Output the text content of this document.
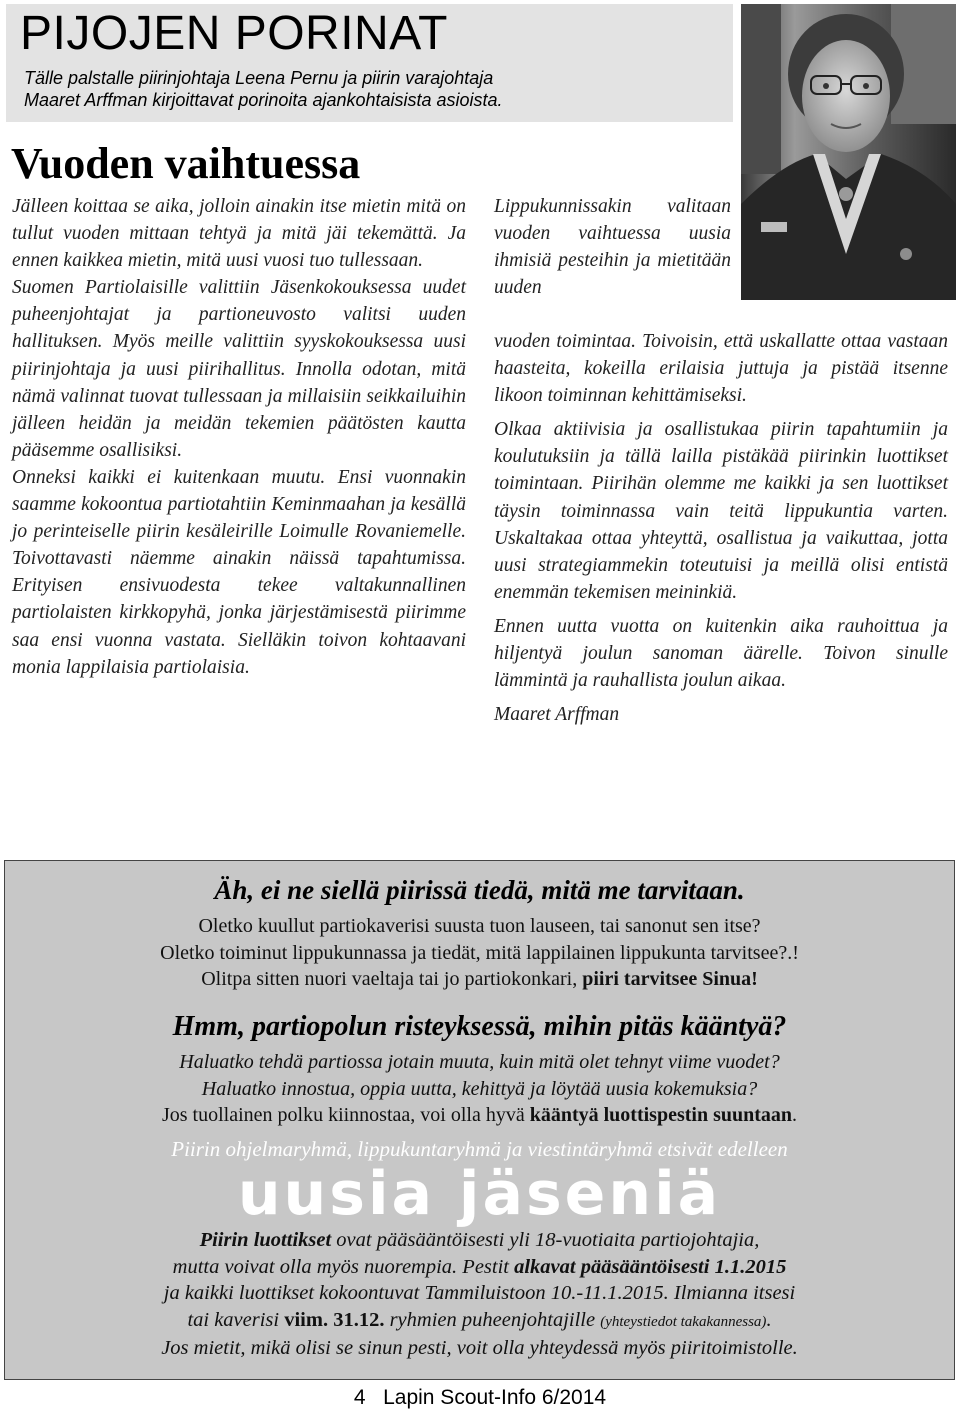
PIJOJEN PORINAT
Tälle palstalle piirinjohtaja Leena Pernu ja piirin varajohtaja
Maaret Arffman kirjoittavat porinoita ajankohtaisista asioista.
Vuoden vaihtuessa

Jälleen koittaa se aika, jolloin ainakin itse mietin mitä on tullut vuoden mittaan tehtyä ja mitä jäi tekemättä. Ja ennen kaikkea mietin, mitä uusi vuosi tuo tullessaan.

Suomen Partiolaisille valittiin Jäsenkokouksessa uudet puheenjohtajat ja partioneuvosto valitsi uuden hallituksen. Myös meille valittiin syyskokouksessa uusi piirinjohtaja ja uusi piirihallitus. Innolla odotan, mitä nämä valinnat tuovat tullessaan ja millaisiin seikkailuihin jälleen heidän ja meidän tekemien päätösten kautta pääsemme osallisiksi.

Onneksi kaikki ei kuitenkaan muutu. Ensi vuonnakin saamme kokoontua partiotahtiin Keminmaahan ja kesällä jo perinteiselle piirin kesäleirille Loimulle Rovaniemelle. Toivottavasti näemme ainakin näissä tapahtumissa. Erityisen ensivuodesta tekee valtakunnallinen partiolaisten kirkkopyhä, jonka järjestämisestä piirimme saa ensi vuonna vastata. Sielläkin toivon kohtaavani monia lappilaisia partiolaisia.

Lippukunnissakin valitaan vuoden vaihtuessa uusia ihmisiä pesteihin ja mietitään uuden

vuoden toimintaa. Toivoisin, että uskallatte ottaa vastaan haasteita, kokeilla erilaisia juttuja ja pistää itsenne likoon toiminnan kehittämiseksi.

Olkaa aktiivisia ja osallistukaa piirin tapahtumiin ja koulutuksiin ja tällä lailla pistäkää piirinkin luottikset toimintaan. Piirihän olemme me kaikki ja sen luottikset täysin toiminnassa vain teitä lippukuntia varten. Uskaltakaa ottaa yhteyttä, osallistua ja vaikuttaa, jotta uusi strategiammekin toteutuisi ja meillä olisi entistä enemmän tekemisen meininkiä.

Ennen uutta vuotta on kuitenkin aika rauhoittua ja hiljentyä joulun sanoman äärelle. Toivon sinulle lämmintä ja rauhallista joulun aikaa.

Maaret Arffman

Äh, ei ne siellä piirissä tiedä, mitä me tarvitaan.
Oletko kuullut partiokaverisi suusta tuon lauseen, tai sanonut sen itse?
Oletko toiminut lippukunnassa ja tiedät, mitä lappilainen lippukunta tarvitsee?.!
Olitpa sitten nuori vaeltaja tai jo partiokonkari, piiri tarvitsee Sinua!
Hmm, partiopolun risteyksessä, mihin pitäs kääntyä?
Haluatko tehdä partiossa jotain muuta, kuin mitä olet tehnyt viime vuodet?
Haluatko innostua, oppia uutta, kehittyä ja löytää uusia kokemuksia?
Jos tuollainen polku kiinnostaa, voi olla hyvä kääntyä luottispestin suuntaan.
Piirin ohjelmaryhmä, lippukuntaryhmä ja viestintäryhmä etsivät edelleen
uusia jäseniä
Piirin luottikset ovat pääsääntöisesti yli 18-vuotiaita partiojohtajia,
mutta voivat olla myös nuorempia. Pestit alkavat pääsääntöisesti 1.1.2015
ja kaikki luottikset kokoontuvat Tammiluistoon 10.-11.1.2015. Ilmianna itsesi
tai kaverisi viim. 31.12. ryhmien puheenjohtajille (yhteystiedot takakannessa).
Jos mietit, mikä olisi se sinun pesti, voit olla yhteydessä myös piiritoimistolle.
4 Lapin Scout-Info 6/2014
